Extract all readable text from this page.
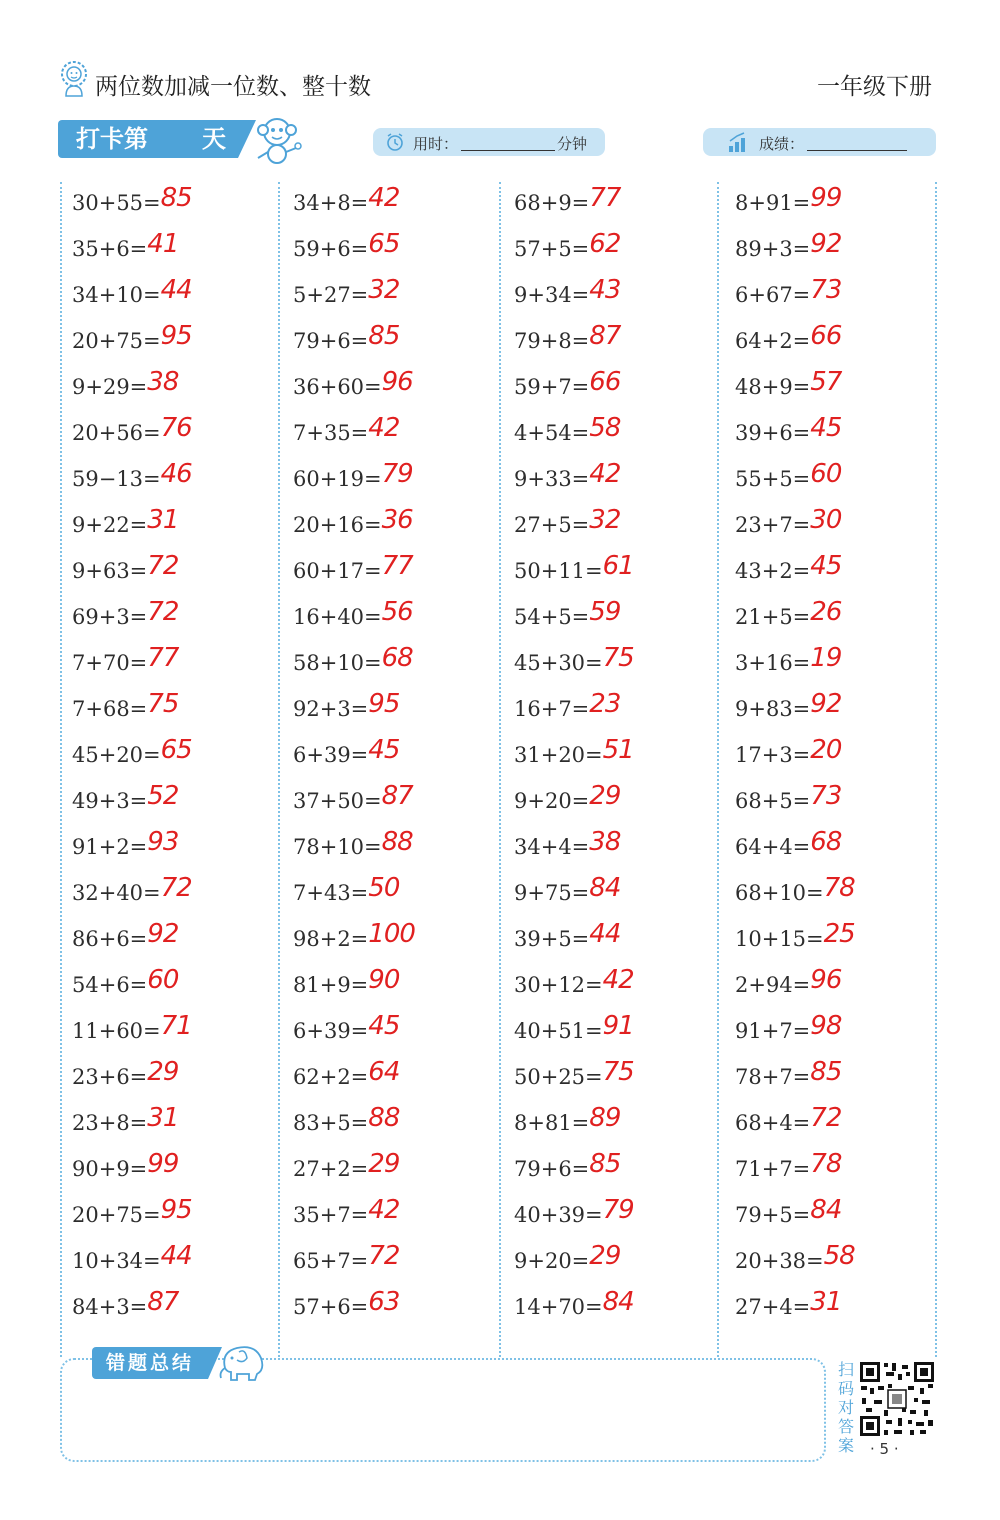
两位数加减一位数、整十数	一年级下册
打卡第 天	用时：	分钟	成绩：
30+55=85
35+6=41
34+10=44
20+75=95
9+29=38
20+56=76
59−13=46
9+22=31
9+63=72
69+3=72
7+70=77
7+68=75
45+20=65
49+3=52
91+2=93
32+40=72
86+6=92
54+6=60
11+60=71
23+6=29
23+8=31
90+9=99
20+75=95
10+34=44
84+3=87
34+8=42
59+6=65
5+27=32
79+6=85
36+60=96
7+35=42
60+19=79
20+16=36
60+17=77
16+40=56
58+10=68
92+3=95
6+39=45
37+50=87
78+10=88
7+43=50
98+2=100
81+9=90
6+39=45
62+2=64
83+5=88
27+2=29
35+7=42
65+7=72
57+6=63
68+9=77
57+5=62
9+34=43
79+8=87
59+7=66
4+54=58
9+33=42
27+5=32
50+11=61
54+5=59
45+30=75
16+7=23
31+20=51
9+20=29
34+4=38
9+75=84
39+5=44
30+12=42
40+51=91
50+25=75
8+81=89
79+6=85
40+39=79
9+20=29
14+70=84
8+91=99
89+3=92
6+67=73
64+2=66
48+9=57
39+6=45
55+5=60
23+7=30
43+2=45
21+5=26
3+16=19
9+83=92
17+3=20
68+5=73
64+4=68
68+10=78
10+15=25
2+94=96
91+7=98
78+7=85
68+4=72
71+7=78
79+5=84
20+38=58
27+4=31
错题总结	扫码对答案 · 5 ·
